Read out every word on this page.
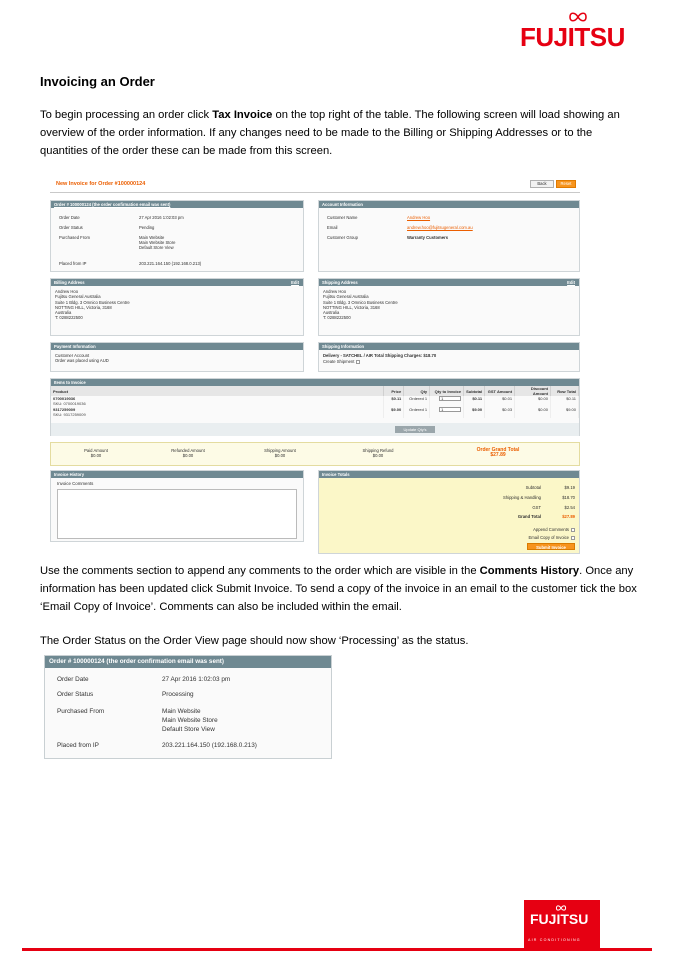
FUJITSU
Invoicing an Order
To begin processing an order click Tax Invoice on the top right of the table. The following screen will load showing an overview of the order information. If any changes need to be made to the Billing or Shipping Addresses or to the quantities of the order these can be made from this screen.
New Invoice for Order #100000124	Back	Reset
Order # 100000124 (the order confirmation email was sent)
Order Date	27 Apr 2016 1:02:03 pm
Order Status	Pending
Purchased From	Main Website
Main Website Store
Default Store View
Placed from IP	203.221.164.150 (192.168.0.213)
Account Information
Customer Name	Andrew Hoo
Email	andrew.hoo@fujitsugeneral.com.au
Customer Group	Warranty Customers
Billing Address	Edit
Andrew Hoo
Fujitsu General Australia
Suite 1 Bldg. 3 Omnico Business Centre
NOTTING HILL, Victoria, 3168
Australia
T: 0288222500
Shipping Address	Edit
Andrew Hoo
Fujitsu General Australia
Suite 1 Bldg. 3 Omnico Business Centre
NOTTING HILL, Victoria, 3168
Australia
T: 0288222500
Payment Information
Customer Account
Order was placed using AUD
Shipping Information
Delivery - SATCHEL / AIR Total Shipping Charges: $18.70
Create Shipment
Items to Invoice
Product	Price	Qty	Qty to Invoice	Subtotal	GST Amount	Discount Amount	Row Total
0700019036
SKU: 0700019036	$0.11	Ordered 1	1	$0.11	$0.01	$0.00	$0.11
9317259009
SKU: 9317259009	$9.00	Ordered 1	1	$9.00	$0.03	$0.00	$9.00
Update Qty's
Paid Amount
$0.00
Refunded Amount
$0.00
Shipping Amount
$0.00
Shipping Refund
$0.00
Order Grand Total
$27.89
Invoice History
Invoice Comments
Invoice Totals
Subtotal	$9.19
Shipping & Handling	$18.70
GST	$2.54
Grand Total	$27.89
Append Comments
Email Copy of Invoice
Submit Invoice
Use the comments section to append any comments to the order which are visible in the Comments History. Once any information has been updated click Submit Invoice. To send a copy of the invoice in an email to the customer tick the box ‘Email Copy of Invoice’. Comments can also be included within the email.
The Order Status on the Order View page should now show ‘Processing’ as the status.
Order # 100000124 (the order confirmation email was sent)
Order Date	27 Apr 2016 1:02:03 pm
Order Status	Processing
Purchased From	Main Website
Main Website Store
Default Store View
Placed from IP	203.221.164.150 (192.168.0.213)
FUJITSU
AIR CONDITIONING
